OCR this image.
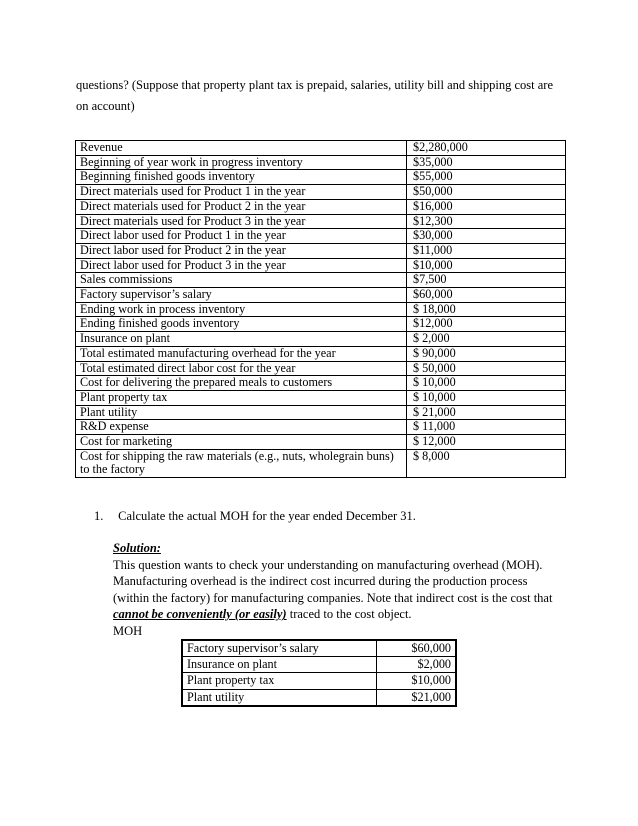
questions? (Suppose that property plant tax is prepaid, salaries, utility bill and shipping cost are
on account)
Revenue	$2,280,000
Beginning of year work in progress inventory	$35,000
Beginning finished goods inventory	$55,000
Direct materials used for Product 1 in the year	$50,000
Direct materials used for Product 2 in the year	$16,000
Direct materials used for Product 3 in the year	$12,300
Direct labor used for Product 1 in the year	$30,000
Direct labor used for Product 2 in the year	$11,000
Direct labor used for Product 3 in the year	$10,000
Sales commissions	$7,500
Factory supervisor’s salary	$60,000
Ending work in process inventory	$ 18,000
Ending finished goods inventory	$12,000
Insurance on plant	$ 2,000
Total estimated manufacturing overhead for the year	$ 90,000
Total estimated direct labor cost for the year	$ 50,000
Cost for delivering the prepared meals to customers	$ 10,000
Plant property tax	$ 10,000
Plant utility	$ 21,000
R&D expense	$ 11,000
Cost for marketing	$ 12,000
Cost for shipping the raw materials (e.g., nuts, wholegrain buns) to the factory	$ 8,000
1. Calculate the actual MOH for the year ended December 31.
Solution:
This question wants to check your understanding on manufacturing overhead (MOH). Manufacturing overhead is the indirect cost incurred during the production process (within the factory) for manufacturing companies. Note that indirect cost is the cost that cannot be conveniently (or easily) traced to the cost object.
MOH
Factory supervisor’s salary	$60,000
Insurance on plant	$2,000
Plant property tax	$10,000
Plant utility	$21,000
